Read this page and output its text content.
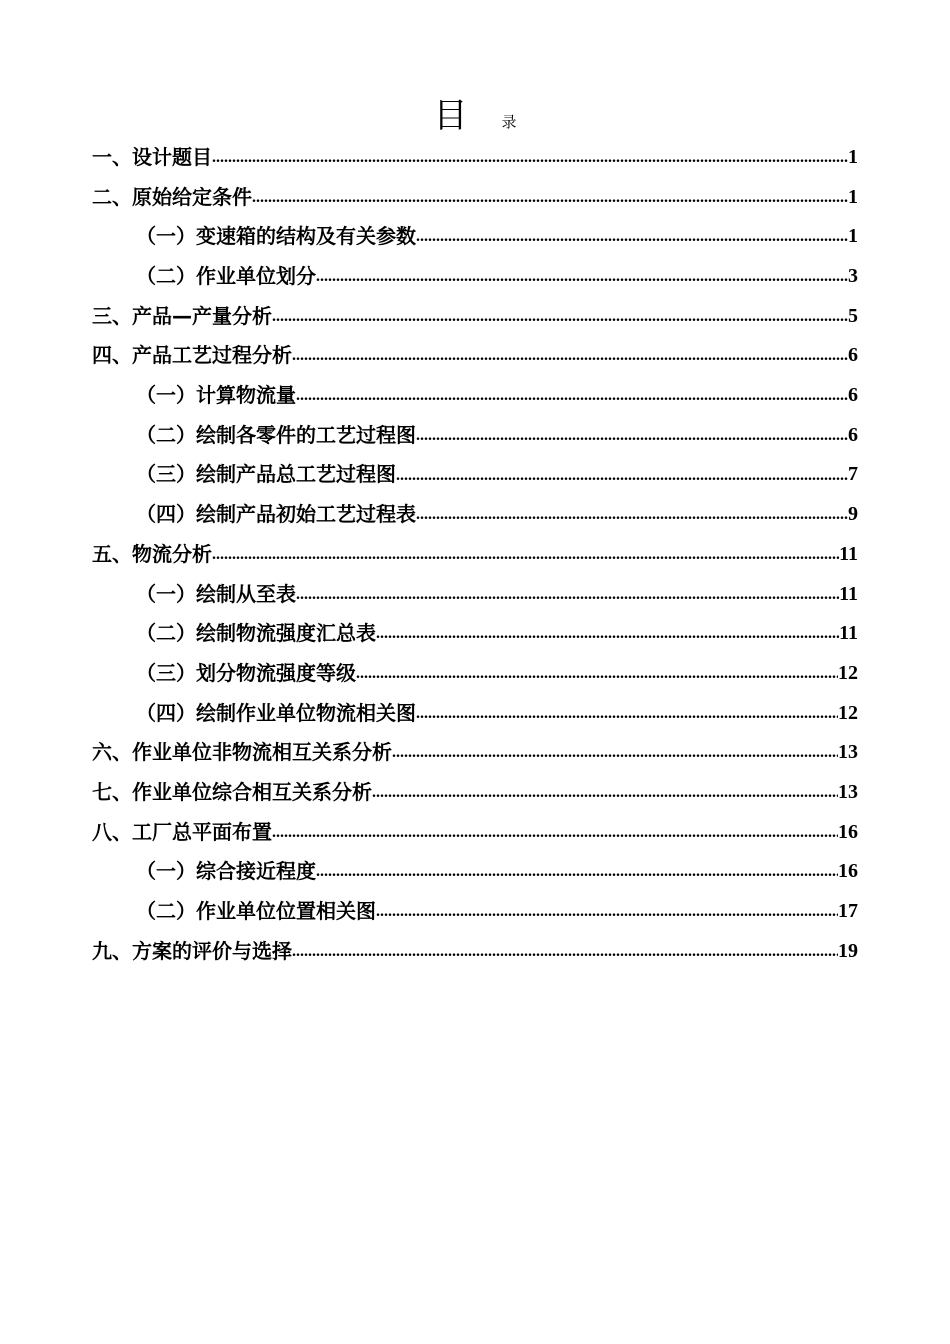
目 录
一、设计题目 .....	1
二、原始给定条件 .....	1
（一）变速箱的结构及有关参数 .....	1
（二）作业单位划分 .....	3
三、产品—产量分析 .....	5
四、产品工艺过程分析 .....	6
（一）计算物流量 .....	6
（二）绘制各零件的工艺过程图 .....	6
（三）绘制产品总工艺过程图 .....	7
（四）绘制产品初始工艺过程表 .....	9
五、物流分析 .....	11
（一）绘制从至表 .....	11
（二）绘制物流强度汇总表 .....	11
（三）划分物流强度等级 .....	12
（四）绘制作业单位物流相关图 .....	12
六、作业单位非物流相互关系分析 .....	13
七、作业单位综合相互关系分析 .....	13
八、工厂总平面布置 .....	16
（一）综合接近程度 .....	16
（二）作业单位位置相关图 .....	17
九、方案的评价与选择 .....	19
